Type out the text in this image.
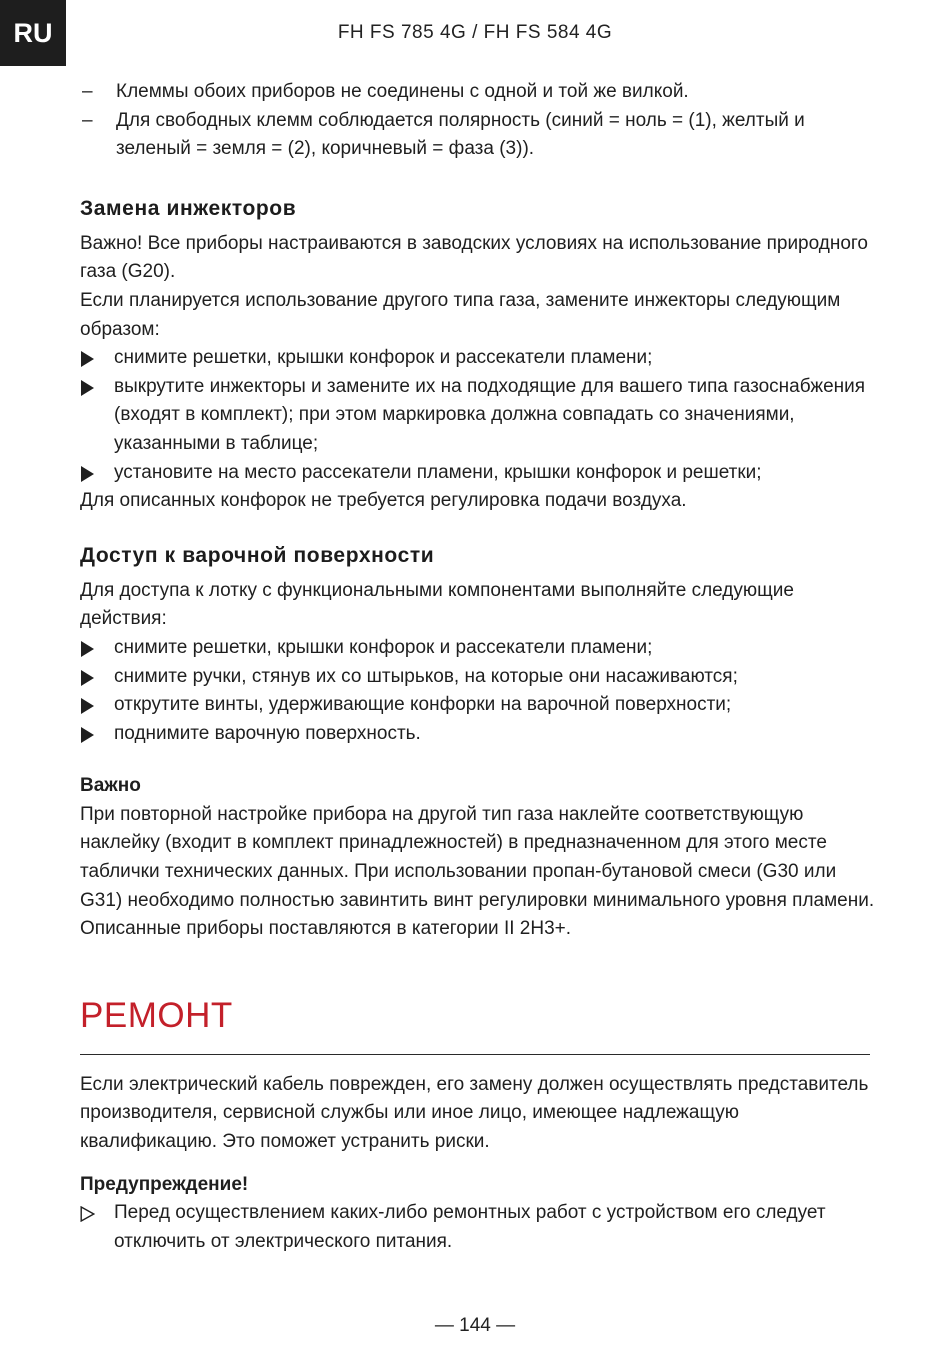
RU	FH FS 785 4G / FH FS 584 4G
–	Клеммы обоих приборов не соединены с одной и той же вилкой.
–	Для свободных клемм соблюдается полярность (синий = ноль = (1), желтый и зеленый = земля = (2), коричневый = фаза (3)).
Замена инжекторов

Важно! Все приборы настраиваются в заводских условиях на использование природного газа (G20).

Если планируется использование другого типа газа, замените инжекторы следующим образом:

снимите решетки, крышки конфорок и рассекатели пламени;
выкрутите инжекторы и замените их на подходящие для вашего типа газоснабжения (входят в комплект); при этом маркировка должна совпадать со значениями, указанными в таблице;
установите на место рассекатели пламени, крышки конфорок и решетки;

Для описанных конфорок не требуется регулировка подачи воздуха.

Доступ к варочной поверхности

Для доступа к лотку с функциональными компонентами выполняйте следующие действия:

снимите решетки, крышки конфорок и рассекатели пламени;
снимите ручки, стянув их со штырьков, на которые они насаживаются;
открутите винты, удерживающие конфорки на варочной поверхности;
поднимите варочную поверхность.
Важно

При повторной настройке прибора на другой тип газа наклейте соответствующую наклейку (входит в комплект принадлежностей) в предназначенном для этого месте таблички технических данных. При использовании пропан-бутановой смеси (G30 или G31) необходимо полностью завинтить винт регулировки минимального уровня пламени. Описанные приборы поставляются в категории II 2H3+.

РЕМОНТ

Если электрический кабель поврежден, его замену должен осуществлять представитель производителя, сервисной службы или иное лицо, имеющее надлежащую квалификацию. Это поможет устранить риски.

Предупреждение!
Перед осуществлением каких-либо ремонтных работ с устройством его следует отключить от электрического питания.
— 144 —
